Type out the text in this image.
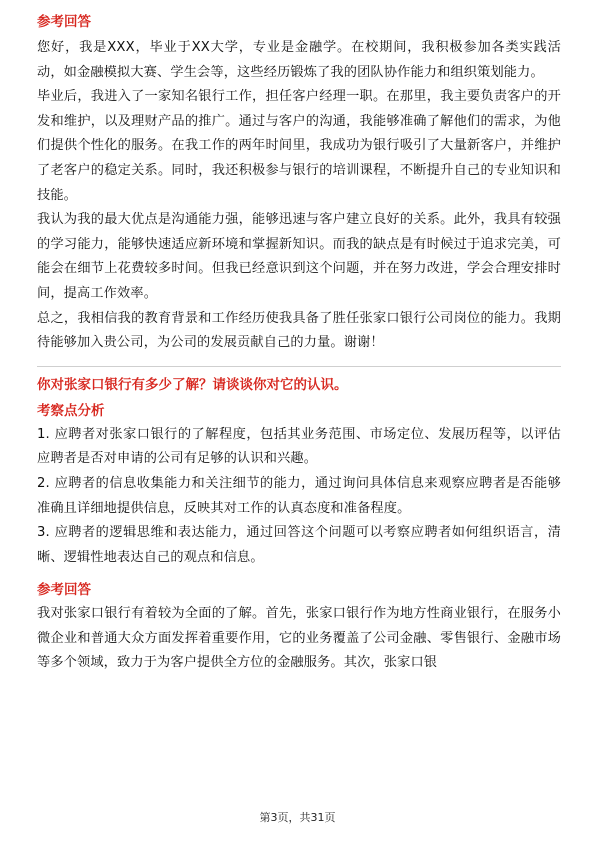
参考回答

您好，我是XXX，毕业于XX大学，专业是金融学。在校期间，我积极参加各类实践活动，如金融模拟大赛、学生会等，这些经历锻炼了我的团队协作能力和组织策划能力。

毕业后，我进入了一家知名银行工作，担任客户经理一职。在那里，我主要负责客户的开发和维护，以及理财产品的推广。通过与客户的沟通，我能够准确了解他们的需求，为他们提供个性化的服务。在我工作的两年时间里，我成功为银行吸引了大量新客户，并维护了老客户的稳定关系。同时，我还积极参与银行的培训课程，不断提升自己的专业知识和技能。

我认为我的最大优点是沟通能力强，能够迅速与客户建立良好的关系。此外，我具有较强的学习能力，能够快速适应新环境和掌握新知识。而我的缺点是有时候过于追求完美，可能会在细节上花费较多时间。但我已经意识到这个问题，并在努力改进，学会合理安排时间，提高工作效率。

总之，我相信我的教育背景和工作经历使我具备了胜任张家口银行公司岗位的能力。我期待能够加入贵公司，为公司的发展贡献自己的力量。谢谢！

你对张家口银行有多少了解？请谈谈你对它的认识。

考察点分析

1. 应聘者对张家口银行的了解程度，包括其业务范围、市场定位、发展历程等，以评估应聘者是否对申请的公司有足够的认识和兴趣。

2. 应聘者的信息收集能力和关注细节的能力，通过询问具体信息来观察应聘者是否能够准确且详细地提供信息，反映其对工作的认真态度和准备程度。

3. 应聘者的逻辑思维和表达能力，通过回答这个问题可以考察应聘者如何组织语言，清晰、逻辑性地表达自己的观点和信息。

参考回答

我对张家口银行有着较为全面的了解。首先，张家口银行作为地方性商业银行，在服务小微企业和普通大众方面发挥着重要作用，它的业务覆盖了公司金融、零售银行、金融市场等多个领域，致力于为客户提供全方位的金融服务。其次，张家口银

第3页，共31页
